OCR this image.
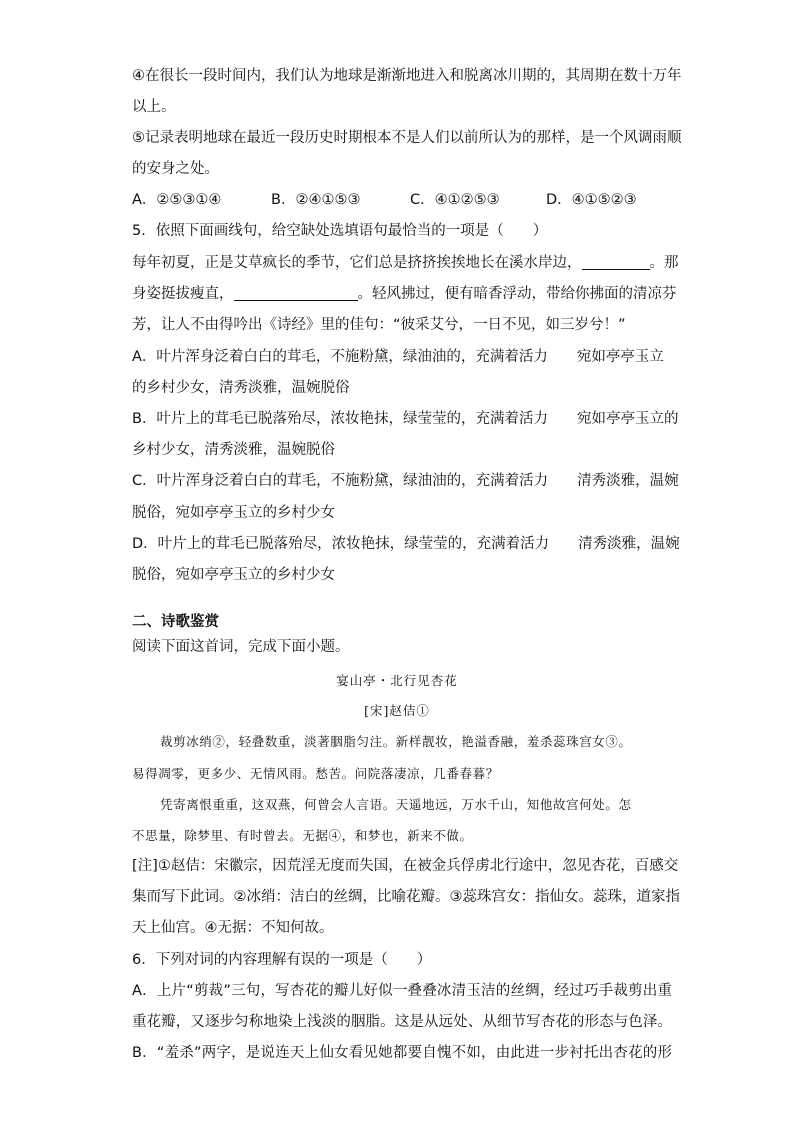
④在很长一段时间内，我们认为地球是渐渐地进入和脱离冰川期的，其周期在数十万年
以上。
⑤记录表明地球在最近一段历史时期根本不是人们以前所认为的那样，是一个风调雨顺
的安身之处。
A．②⑤③①④	B．②④①⑤③	C．④①②⑤③	D．④①⑤②③
5．依照下面画线句，给空缺处选填语句最恰当的一项是（　　）
每年初夏，正是艾草疯长的季节，它们总是挤挤挨挨地长在溪水岸边，	。那
身姿挺拔瘦直，	。轻风拂过，便有暗香浮动，带给你拂面的清凉芬
芳，让人不由得吟出《诗经》里的佳句：“彼采艾兮，一日不见，如三岁兮！”
A．叶片浑身泛着白白的茸毛，不施粉黛，绿油油的，充满着活力　　宛如亭亭玉立
的乡村少女，清秀淡雅，温婉脱俗
B．叶片上的茸毛已脱落殆尽，浓妆艳抹，绿莹莹的，充满着活力　　宛如亭亭玉立的
乡村少女，清秀淡雅，温婉脱俗
C．叶片浑身泛着白白的茸毛，不施粉黛，绿油油的，充满着活力　　清秀淡雅，温婉
脱俗，宛如亭亭玉立的乡村少女
D．叶片上的茸毛已脱落殆尽，浓妆艳抹，绿莹莹的，充满着活力　　清秀淡雅，温婉
脱俗，宛如亭亭玉立的乡村少女
二、诗歌鉴赏
阅读下面这首词，完成下面小题。
宴山亭・北行见杏花
[宋]赵佶①
裁剪冰绡②，轻叠数重，淡著胭脂匀注。新样靓妆，艳溢香融，羞杀蕊珠宫女③。
易得凋零，更多少、无情风雨。愁苦。问院落凄凉，几番春暮？
凭寄离恨重重，这双燕，何曾会人言语。天遥地远，万水千山，知他故宫何处。怎
不思量，除梦里、有时曾去。无据④，和梦也，新来不做。
[注]①赵佶：宋徽宗，因荒淫无度而失国，在被金兵俘虏北行途中，忽见杏花，百感交
集而写下此词。②冰绡：洁白的丝绸，比喻花瓣。③蕊珠宫女：指仙女。蕊珠，道家指
天上仙宫。④无据：不知何故。
6．下列对词的内容理解有误的一项是（　　）
A．上片“剪裁”三句，写杏花的瓣儿好似一叠叠冰清玉洁的丝绸，经过巧手裁剪出重
重花瓣，又逐步匀称地染上浅淡的胭脂。这是从远处、从细节写杏花的形态与色泽。
B．“羞杀”两字，是说连天上仙女看见她都要自愧不如，由此进一步衬托出杏花的形
